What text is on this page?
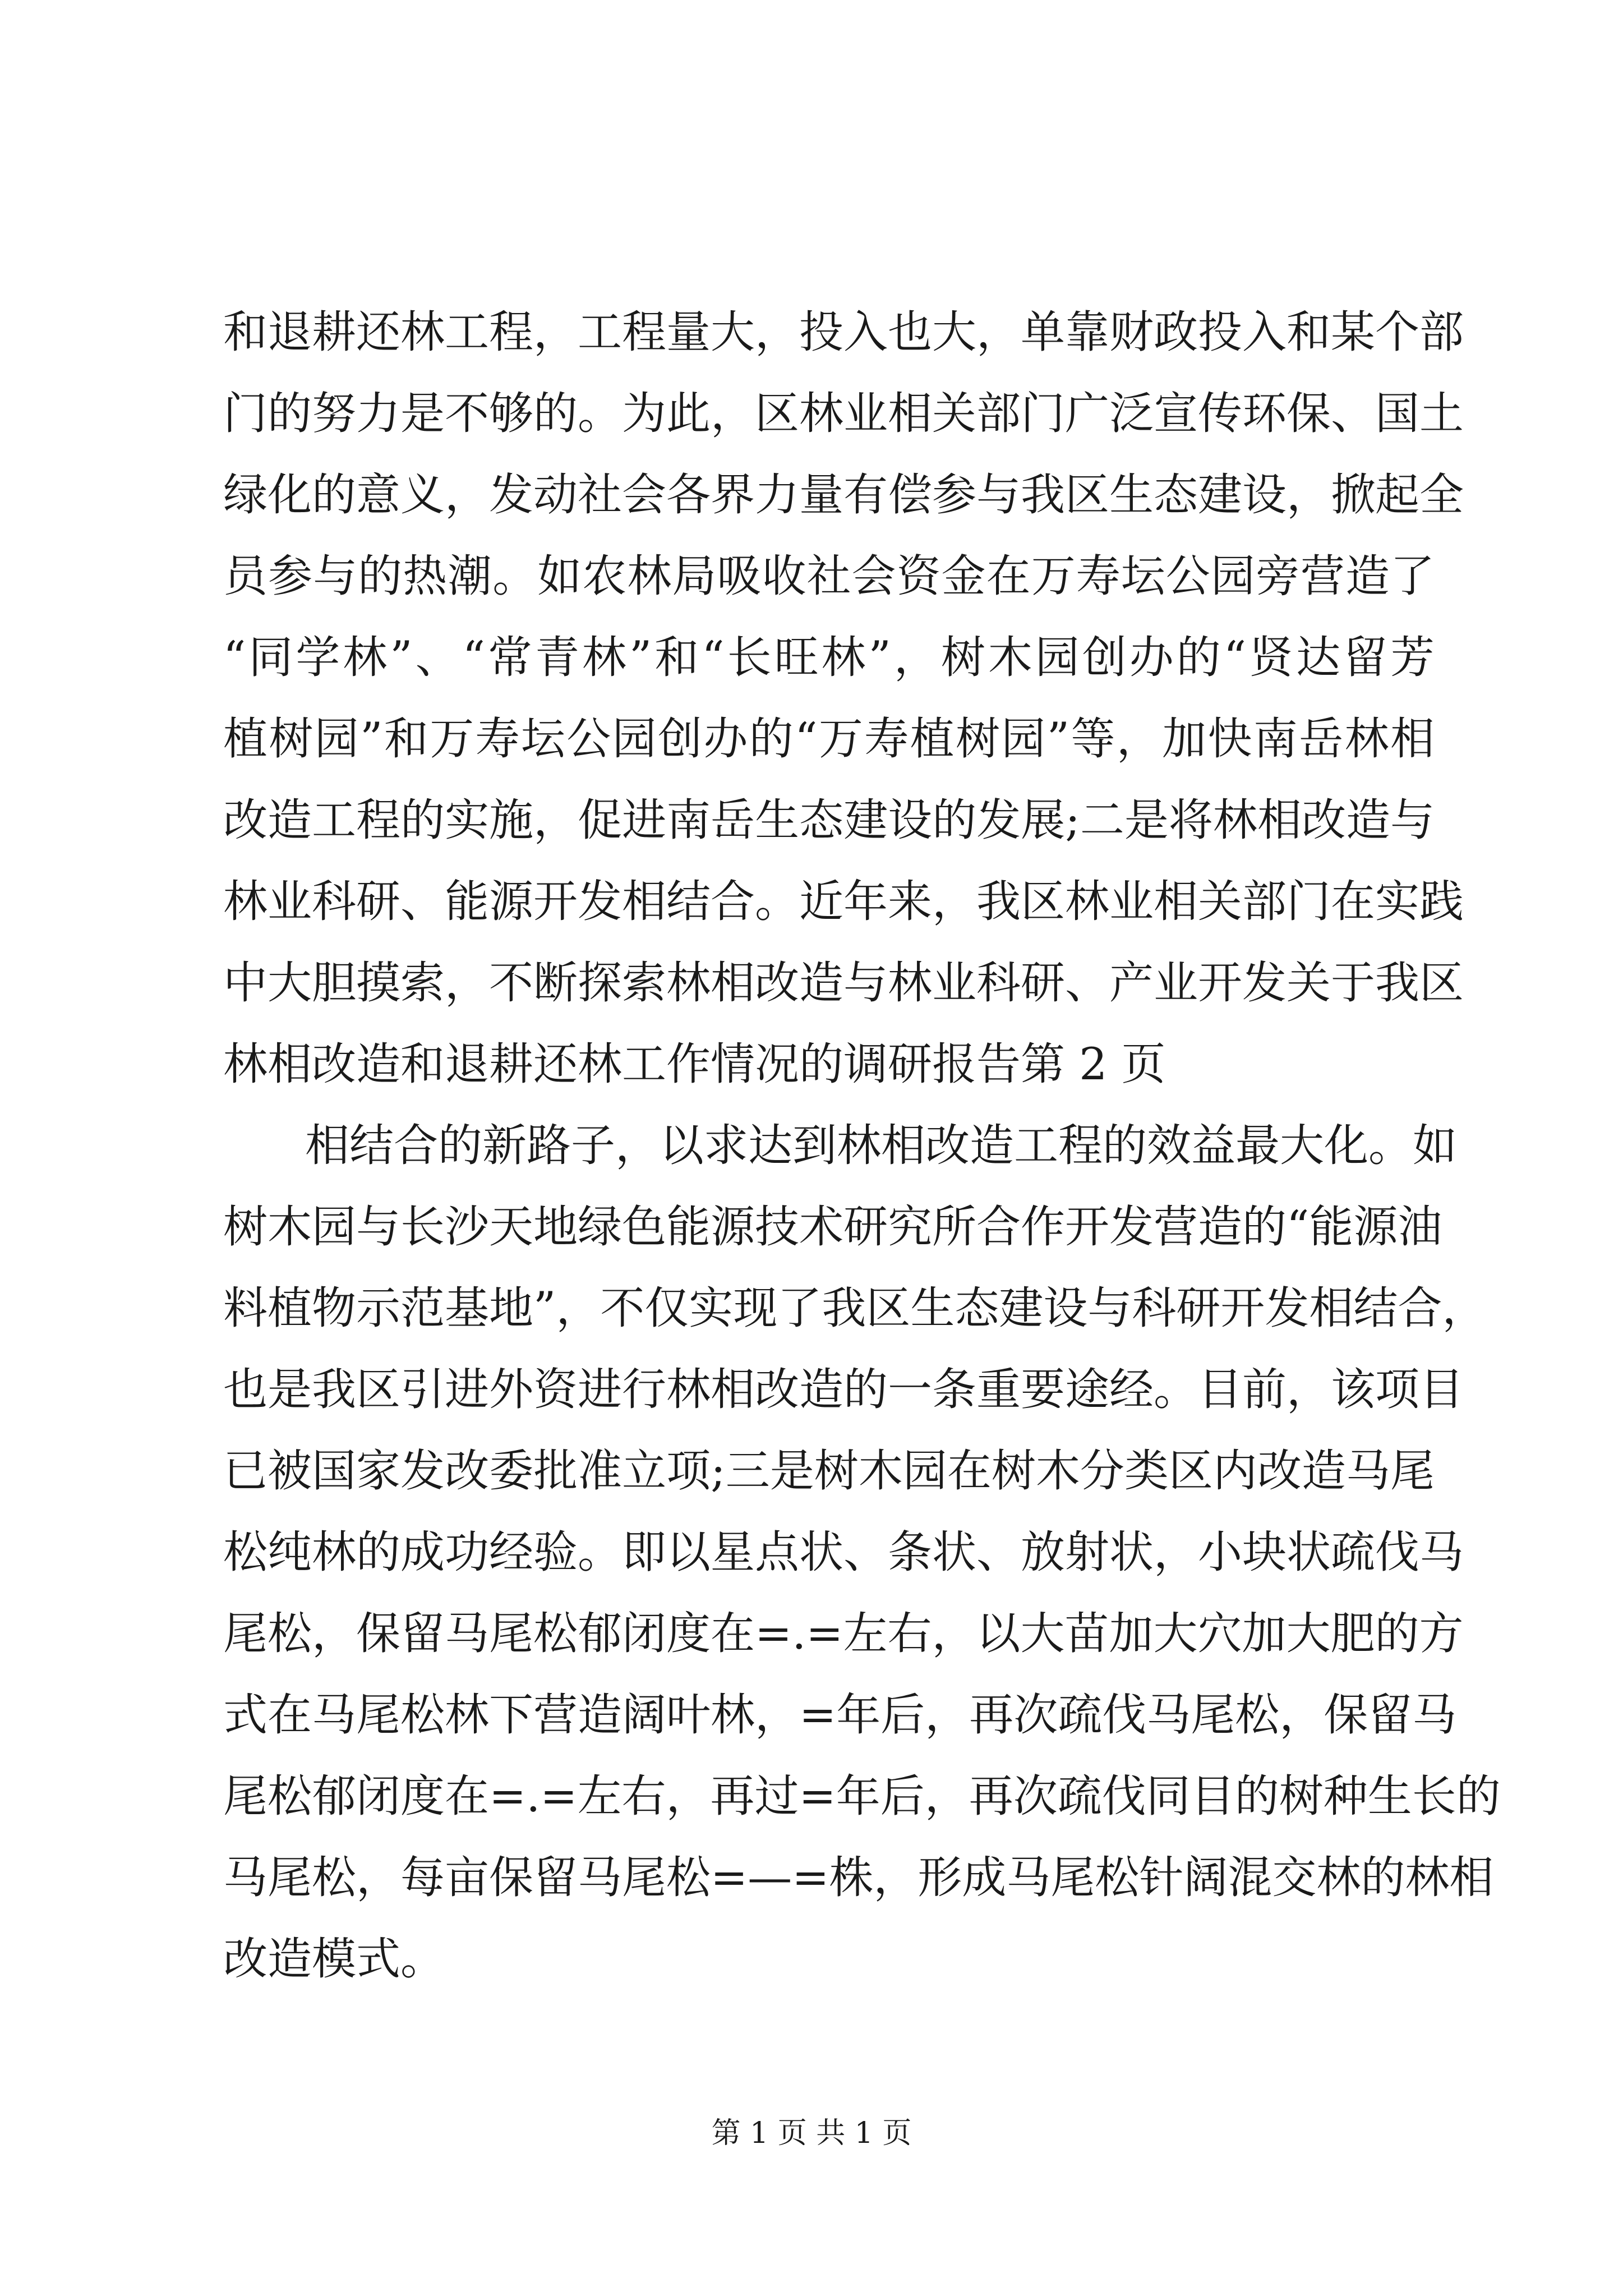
和退耕还林工程，工程量大，投入也大，单靠财政投入和某个部
门的努力是不够的。为此，区林业相关部门广泛宣传环保、国土
绿化的意义，发动社会各界力量有偿参与我区生态建设，掀起全
员参与的热潮。如农林局吸收社会资金在万寿坛公园旁营造了
“同学林”、“常青林”和“长旺林”，树木园创办的“贤达留芳
植树园”和万寿坛公园创办的“万寿植树园”等，加快南岳林相
改造工程的实施，促进南岳生态建设的发展;二是将林相改造与
林业科研、能源开发相结合。近年来，我区林业相关部门在实践
中大胆摸索，不断探索林相改造与林业科研、产业开发关于我区
林相改造和退耕还林工作情况的调研报告第 2 页
相结合的新路子，以求达到林相改造工程的效益最大化。如
树木园与长沙天地绿色能源技术研究所合作开发营造的“能源油
料植物示范基地”，不仅实现了我区生态建设与科研开发相结合，
也是我区引进外资进行林相改造的一条重要途经。目前，该项目
已被国家发改委批准立项;三是树木园在树木分类区内改造马尾
松纯林的成功经验。即以星点状、条状、放射状，小块状疏伐马
尾松，保留马尾松郁闭度在=.=左右，以大苗加大穴加大肥的方
式在马尾松林下营造阔叶林，=年后，再次疏伐马尾松，保留马
尾松郁闭度在=.=左右，再过=年后，再次疏伐同目的树种生长的
马尾松，每亩保留马尾松=—=株，形成马尾松针阔混交林的林相
改造模式。
第 1 页 共 1 页
